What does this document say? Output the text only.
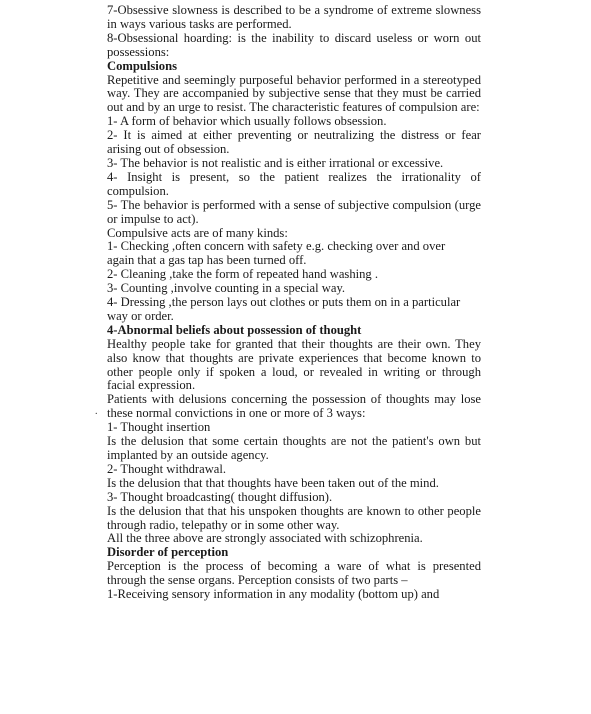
.

7-Obsessive slowness is described to be a syndrome of extreme slowness in ways various tasks are performed.

8-Obsessional hoarding: is the inability to discard useless or worn out possessions:

Compulsions

Repetitive and seemingly purposeful behavior performed in a stereotyped way. They are accompanied by subjective sense that they must be carried out and by an urge to resist. The characteristic features of compulsion are:

1- A form of behavior which usually follows obsession.

2- It is aimed at either preventing or neutralizing the distress or fear arising out of obsession.

3- The behavior is not realistic and is either irrational or excessive.

4- Insight is present, so the patient realizes the irrationality of compulsion.

5- The behavior is performed with a sense of subjective compulsion (urge or impulse to act).

Compulsive acts are of many kinds:

1- Checking ,often concern with safety e.g. checking over and over

again that a gas tap has been turned off.

2- Cleaning ,take the form of repeated hand washing .

3- Counting ,involve counting in a special way.

4- Dressing ,the person lays out clothes or puts them on in a particular

way or order.

4-Abnormal beliefs about possession of thought

Healthy people take for granted that their thoughts are their own. They also know that thoughts are private experiences that become known to other people only if spoken a loud, or revealed in writing or through facial expression.

Patients with delusions concerning the possession of thoughts may lose these normal convictions in one or more of 3 ways:

1- Thought insertion

Is the delusion that some certain thoughts are not the patient's own but implanted by an outside agency.

2- Thought withdrawal.

Is the delusion that that thoughts have been taken out of the mind.

3- Thought broadcasting( thought diffusion).

Is the delusion that that his unspoken thoughts are known to other people through radio, telepathy or in some other way.

All the three above are strongly associated with schizophrenia.

Disorder of perception

Perception is the process of becoming a ware of what is presented through the sense organs. Perception consists of two parts –

1-Receiving sensory information in any modality (bottom up) and
